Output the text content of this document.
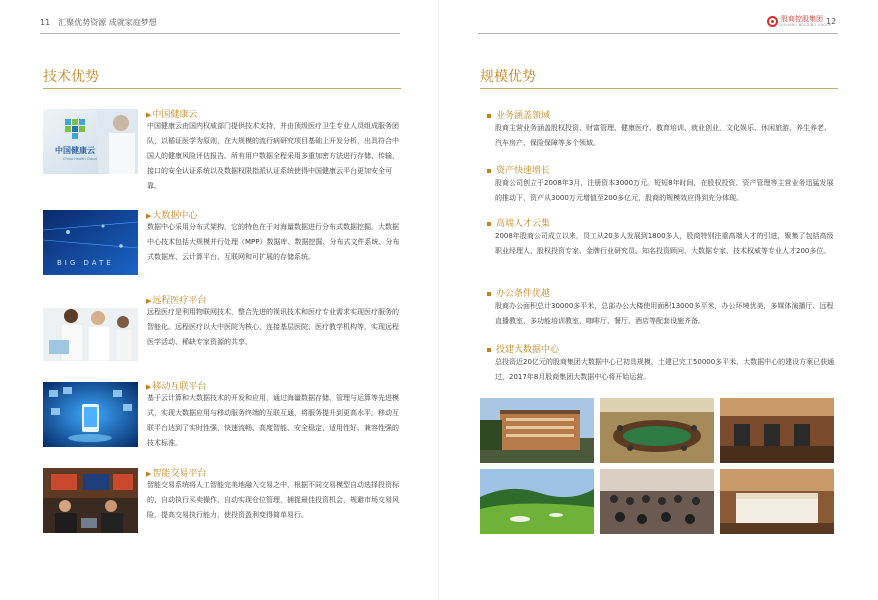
11 汇聚优势资源 成就家庭梦想	股商控股集团
GUSHANG HOLDING GROUP
12
技术优势
中国健康云
China Health Cloud
▶中国健康云

中国健康云由国内权威部门提供技术支持，并由顶级医疗卫生专业人员组成服务团队，以循证医学为原则，在大规模的流行病研究项目基础上开发分析，出具符合中国人的健康风险评估报告。所有用户数据全程采用多重加密方法进行存储、传输，接口的安全认证系统以及数据权限指派认证系统使得中国健康云平台更加安全可靠。

BIG DATE
▶大数据中心

数据中心采用分布式架构，它的特色在于对海量数据进行分布式数据挖掘。大数据中心技术包括大规模并行处理（MPP）数据库、数据挖掘、分布式文件系统、分布式数据库、云计算平台、互联网和可扩展的存储系统。

▶远程医疗平台

远程医疗是利用物联网技术，整合先进的视讯技术和医疗专业需求实现医疗服务的智能化。远程医疗以大中医院为核心，连接基层医院、医疗教学机构等，实现远程医学活动、稀缺专家资源的共享。

▶移动互联平台

基于云计算和大数据技术的开发和应用，通过海量数据存储、管理与运算等先进模式，实现大数据应用与移动服务终端的互联互通，将服务提升到更高水平。移动互联平台达到了实时性强、快速流畅、高度智能、安全稳定、适用性好、兼容性强的技术标准。

▶智能交易平台

智能交易系统将人工智能完美地融入交易之中，根据不同交易模型自动选择投资标的、自动执行买卖操作、自动实现仓位管理，捕捉最佳投资机会，规避市场交易风险，提高交易执行能力，使投资盈利变得简单易行。

规模优势
业务涵盖领域

股商主营业务涵盖股权投资、财富管理、健康医疗、教育培训、就业创业、文化娱乐、休闲旅游、养生养老、汽车房产、保险保障等多个领域。

资产快速增长

股商公司创立于2008年3月，注册资本3000万元。短短8年时间，在股权投资、资产管理等主营业务迅猛发展的推动下，资产从3000万元增值至200多亿元，股商的规模效应得到充分体现。

高端人才云集

2008年股商公司成立以来，员工从20多人发展到1800多人，股商特别注重高端人才的引进，聚集了包括高级职业经理人、股权投资专家、金牌行业研究员、知名投资顾问、大数据专家、技术权威等专业人才200多位。

办公条件优越

股商办公面积总计30000多平米，总部办公大楼使用面积13000多平米，办公环境优美，多媒体演播厅、远程直播教室、多功能培训教室、咖啡厅、餐厅、酒店等配套设施齐备。

投建大数据中心

总投资近20亿元的股商集团大数据中心已初具规模，土建已完工50000多平米，大数据中心的建设方案已获通过，2017年8月股商集团大数据中心将开始运营。
